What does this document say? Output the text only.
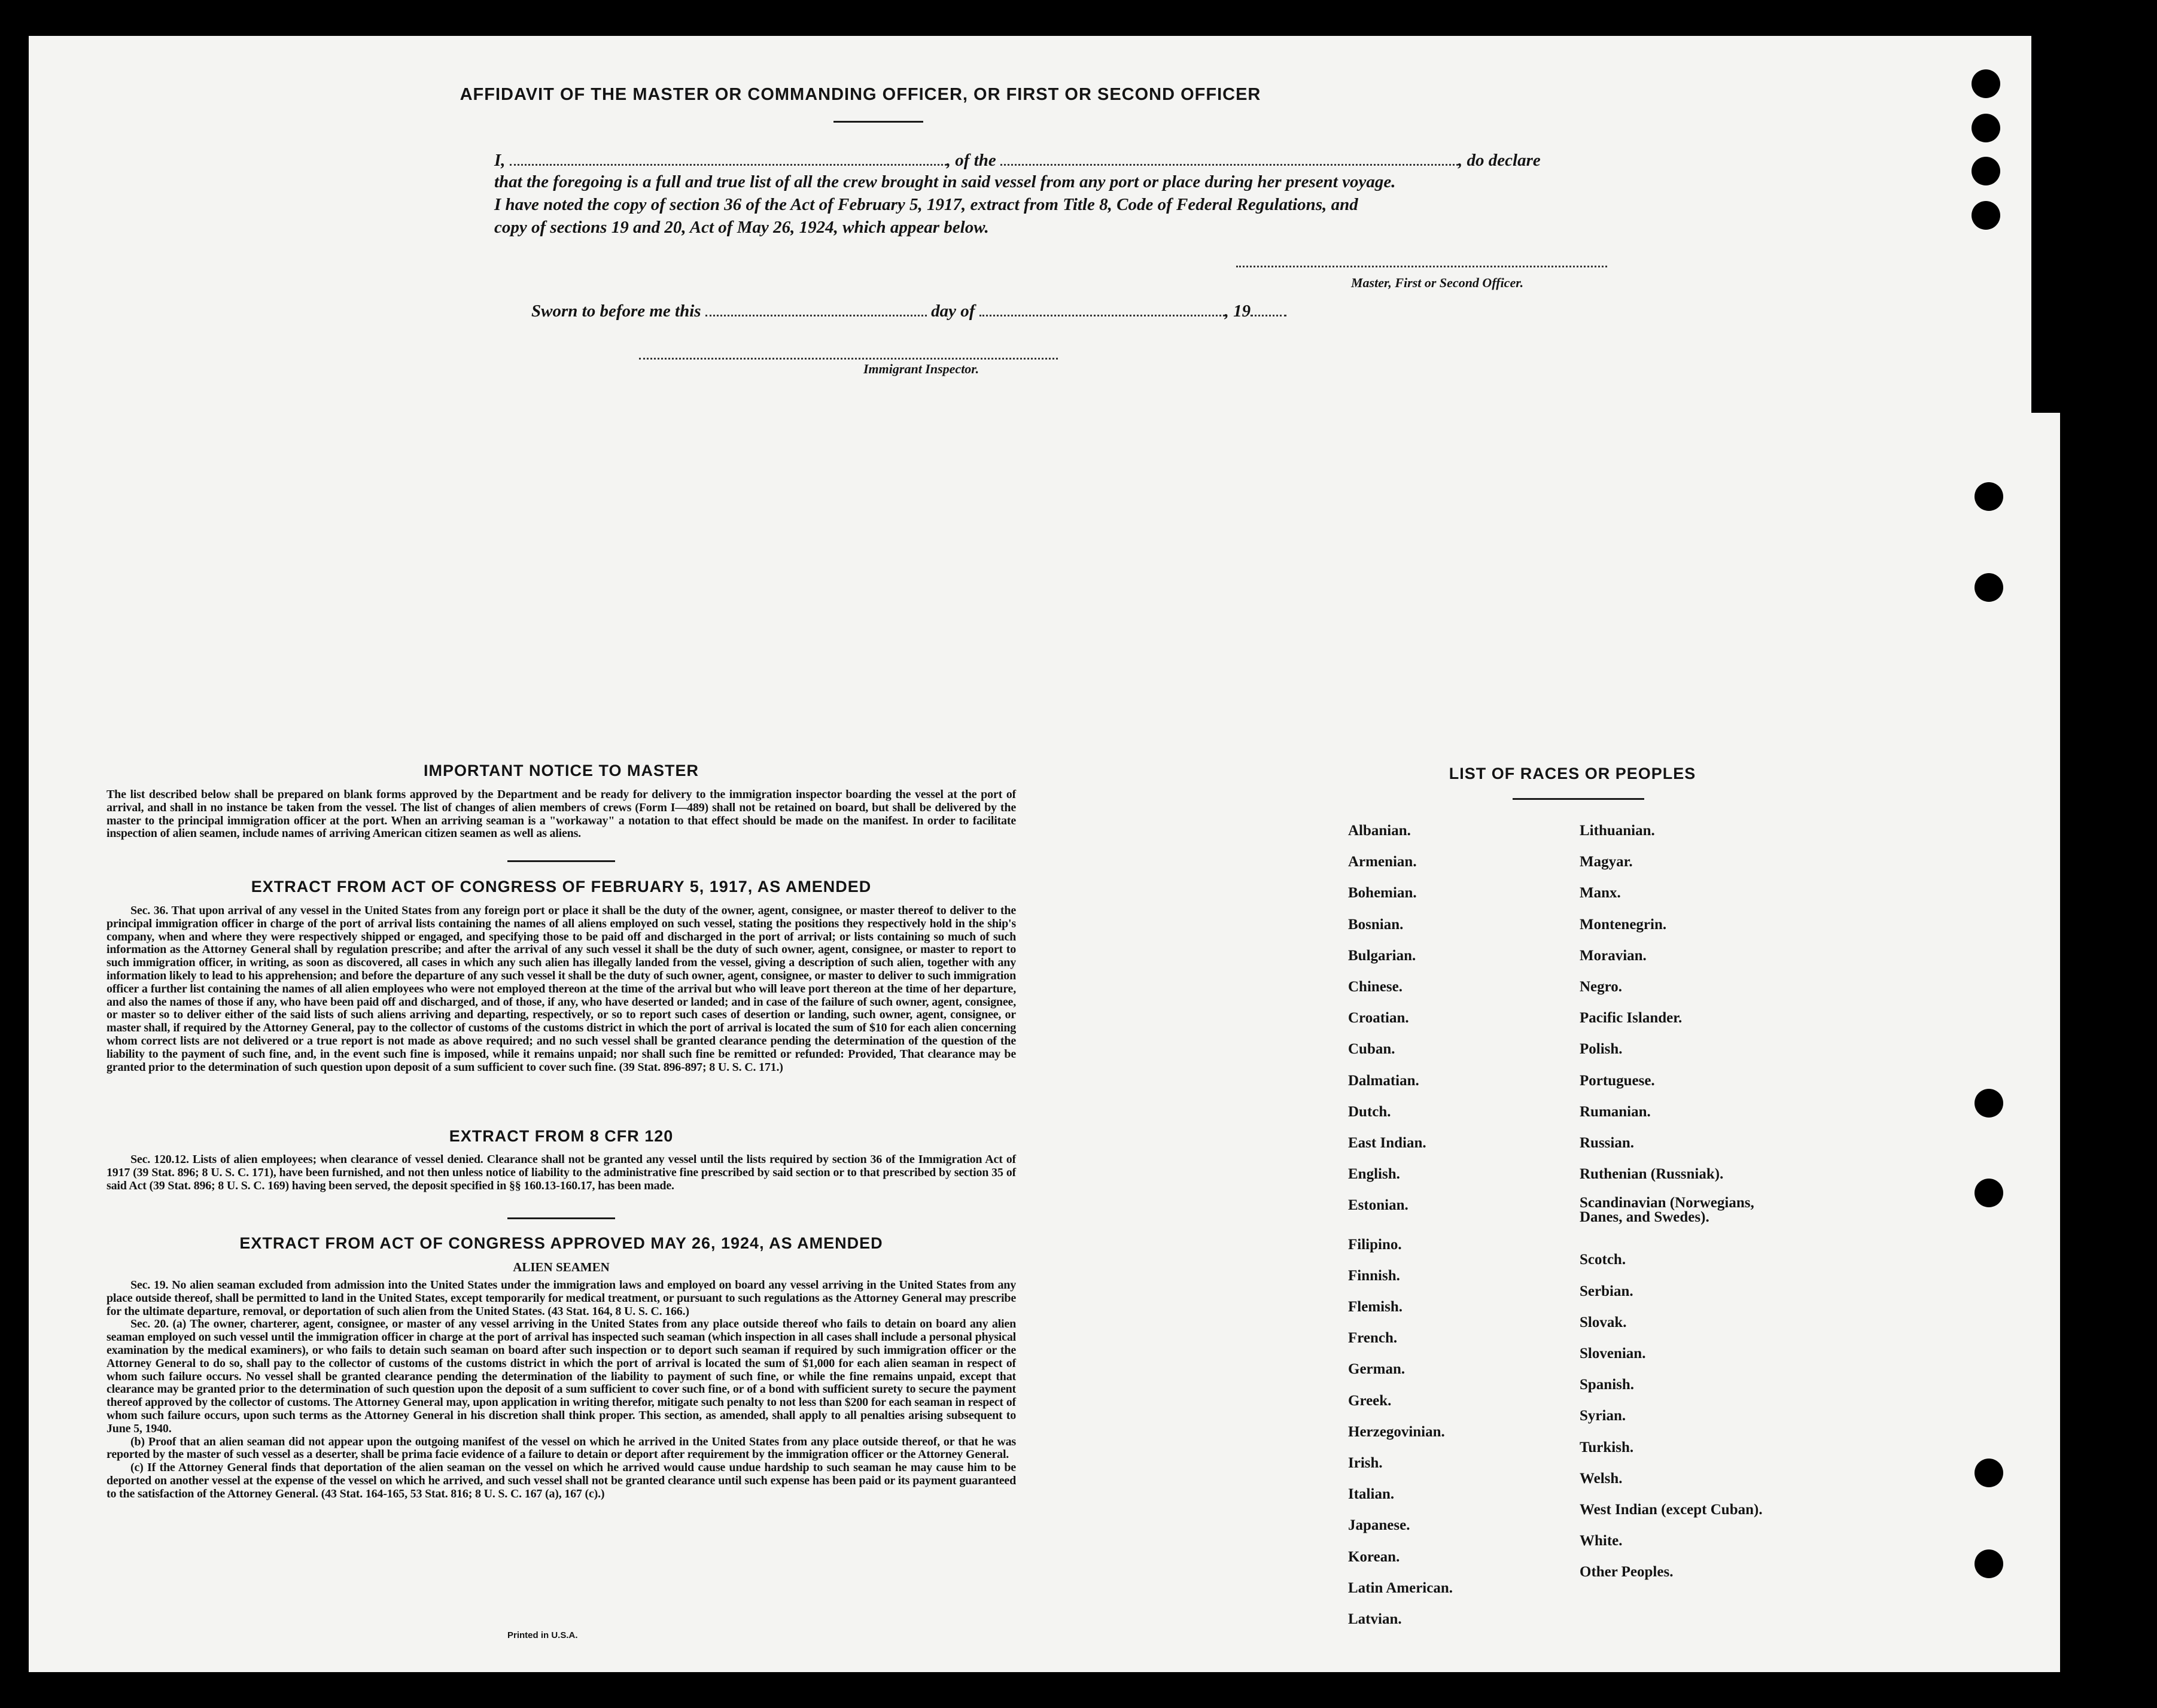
AFFIDAVIT OF THE MASTER OR COMMANDING OFFICER, OR FIRST OR SECOND OFFICER
I,	, of the	, do declare
that the foregoing is a full and true list of all the crew brought in said vessel from any port or place during her present voyage.
I have noted the copy of section 36 of the Act of February 5, 1917, extract from Title 8, Code of Federal Regulations, and
copy of sections 19 and 20, Act of May 26, 1924, which appear below.
Master, First or Second Officer.
Sworn to before me this	day of	, 19
Immigrant Inspector.
IMPORTANT NOTICE TO MASTER
The list described below shall be prepared on blank forms approved by the Department and be ready for delivery to the immigration inspector boarding the vessel at the port of arrival, and shall in no instance be taken from the vessel. The list of changes of alien members of crews (Form I—489) shall not be retained on board, but shall be delivered by the master to the principal immigration officer at the port. When an arriving seaman is a "workaway" a notation to that effect should be made on the manifest. In order to facilitate inspection of alien seamen, include names of arriving American citizen seamen as well as aliens.
EXTRACT FROM ACT OF CONGRESS OF FEBRUARY 5, 1917, AS AMENDED
Sec. 36. That upon arrival of any vessel in the United States from any foreign port or place it shall be the duty of the owner, agent, consignee, or master thereof to deliver to the principal immigration officer in charge of the port of arrival lists containing the names of all aliens employed on such vessel, stating the positions they respectively hold in the ship's company, when and where they were respectively shipped or engaged, and specifying those to be paid off and discharged in the port of arrival; or lists containing so much of such information as the Attorney General shall by regulation prescribe; and after the arrival of any such vessel it shall be the duty of such owner, agent, consignee, or master to report to such immigration officer, in writing, as soon as discovered, all cases in which any such alien has illegally landed from the vessel, giving a description of such alien, together with any information likely to lead to his apprehension; and before the departure of any such vessel it shall be the duty of such owner, agent, consignee, or master to deliver to such immigration officer a further list containing the names of all alien employees who were not employed thereon at the time of the arrival but who will leave port thereon at the time of her departure, and also the names of those if any, who have been paid off and discharged, and of those, if any, who have deserted or landed; and in case of the failure of such owner, agent, consignee, or master so to deliver either of the said lists of such aliens arriving and departing, respectively, or so to report such cases of desertion or landing, such owner, agent, consignee, or master shall, if required by the Attorney General, pay to the collector of customs of the customs district in which the port of arrival is located the sum of $10 for each alien concerning whom correct lists are not delivered or a true report is not made as above required; and no such vessel shall be granted clearance pending the determination of the question of the liability to the payment of such fine, and, in the event such fine is imposed, while it remains unpaid; nor shall such fine be remitted or refunded: Provided, That clearance may be granted prior to the determination of such question upon deposit of a sum sufficient to cover such fine. (39 Stat. 896-897; 8 U. S. C. 171.)
EXTRACT FROM 8 CFR 120
Sec. 120.12. Lists of alien employees; when clearance of vessel denied. Clearance shall not be granted any vessel until the lists required by section 36 of the Immigration Act of 1917 (39 Stat. 896; 8 U. S. C. 171), have been furnished, and not then unless notice of liability to the administrative fine prescribed by said section or to that prescribed by section 35 of said Act (39 Stat. 896; 8 U. S. C. 169) having been served, the deposit specified in §§ 160.13-160.17, has been made.
EXTRACT FROM ACT OF CONGRESS APPROVED MAY 26, 1924, AS AMENDED
ALIEN SEAMEN
Sec. 19. No alien seaman excluded from admission into the United States under the immigration laws and employed on board any vessel arriving in the United States from any place outside thereof, shall be permitted to land in the United States, except temporarily for medical treatment, or pursuant to such regulations as the Attorney General may prescribe for the ultimate departure, removal, or deportation of such alien from the United States. (43 Stat. 164, 8 U. S. C. 166.)
Sec. 20. (a) The owner, charterer, agent, consignee, or master of any vessel arriving in the United States from any place outside thereof who fails to detain on board any alien seaman employed on such vessel until the immigration officer in charge at the port of arrival has inspected such seaman (which inspection in all cases shall include a personal physical examination by the medical examiners), or who fails to detain such seaman on board after such inspection or to deport such seaman if required by such immigration officer or the Attorney General to do so, shall pay to the collector of customs of the customs district in which the port of arrival is located the sum of $1,000 for each alien seaman in respect of whom such failure occurs. No vessel shall be granted clearance pending the determination of the liability to payment of such fine, or while the fine remains unpaid, except that clearance may be granted prior to the determination of such question upon the deposit of a sum sufficient to cover such fine, or of a bond with sufficient surety to secure the payment thereof approved by the collector of customs. The Attorney General may, upon application in writing therefor, mitigate such penalty to not less than $200 for each seaman in respect of whom such failure occurs, upon such terms as the Attorney General in his discretion shall think proper. This section, as amended, shall apply to all penalties arising subsequent to June 5, 1940.
(b) Proof that an alien seaman did not appear upon the outgoing manifest of the vessel on which he arrived in the United States from any place outside thereof, or that he was reported by the master of such vessel as a deserter, shall be prima facie evidence of a failure to detain or deport after requirement by the immigration officer or the Attorney General.
(c) If the Attorney General finds that deportation of the alien seaman on the vessel on which he arrived would cause undue hardship to such seaman he may cause him to be deported on another vessel at the expense of the vessel on which he arrived, and such vessel shall not be granted clearance until such expense has been paid or its payment guaranteed to the satisfaction of the Attorney General. (43 Stat. 164-165, 53 Stat. 816; 8 U. S. C. 167 (a), 167 (c).)
Printed in U.S.A.
LIST OF RACES OR PEOPLES
Albanian.
Armenian.
Bohemian.
Bosnian.
Bulgarian.
Chinese.
Croatian.
Cuban.
Dalmatian.
Dutch.
East Indian.
English.
Estonian.
Filipino.
Finnish.
Flemish.
French.
German.
Greek.
Herzegovinian.
Irish.
Italian.
Japanese.
Korean.
Latin American.
Latvian.
Lithuanian.
Magyar.
Manx.
Montenegrin.
Moravian.
Negro.
Pacific Islander.
Polish.
Portuguese.
Rumanian.
Russian.
Ruthenian (Russniak).
Scandinavian (Norwegians, Danes, and Swedes).
Scotch.
Serbian.
Slovak.
Slovenian.
Spanish.
Syrian.
Turkish.
Welsh.
West Indian (except Cuban).
White.
Other Peoples.
